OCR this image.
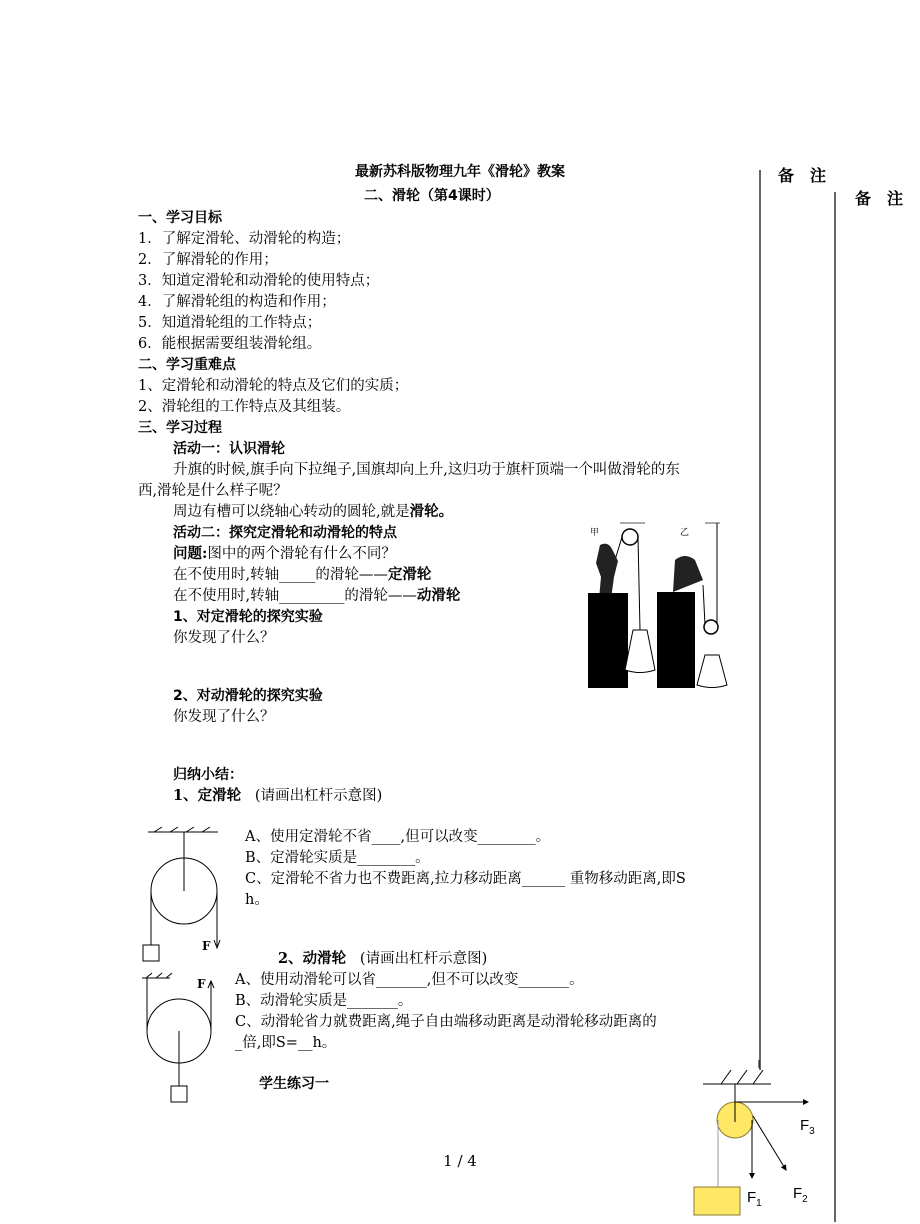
备　注
备　注
最新苏科版物理九年《滑轮》教案
二、滑轮（第4课时）
一、学习目标
1．了解定滑轮、动滑轮的构造；
2．了解滑轮的作用；
3．知道定滑轮和动滑轮的使用特点；
4．了解滑轮组的构造和作用；
5．知道滑轮组的工作特点；
6．能根据需要组装滑轮组。
二、学习重难点
1、定滑轮和动滑轮的特点及它们的实质；
2、滑轮组的工作特点及其组装。
三、学习过程
活动一：认识滑轮
升旗的时候,旗手向下拉绳子,国旗却向上升,这归功于旗杆顶端一个叫做滑轮的东
西,滑轮是什么样子呢？
周边有槽可以绕轴心转动的圆轮,就是滑轮。
活动二：探究定滑轮和动滑轮的特点
问题:图中的两个滑轮有什么不同？
在不使用时,转轴_____的滑轮——定滑轮
在不使用时,转轴_________的滑轮——动滑轮
1、对定滑轮的探究实验
你发现了什么？
2、对动滑轮的探究实验
你发现了什么？
甲	乙
归纳小结：
1、定滑轮 (请画出杠杆示意图)
F
A、使用定滑轮不省____,但可以改变________。
B、定滑轮实质是________。
C、定滑轮不省力也不费距离,拉力移动距离______ 重物移动距离,即S
h。
2、动滑轮 (请画出杠杆示意图)
F A、使用动滑轮可以省_______,但不可以改变_______。
B、动滑轮实质是_______。
C、动滑轮省力就费距离,绳子自由端移动距离是动滑轮移动距离的
_倍,即S=__h。
学生练习一
$F_1$
$F_2$
$F_3$
1 / 4
